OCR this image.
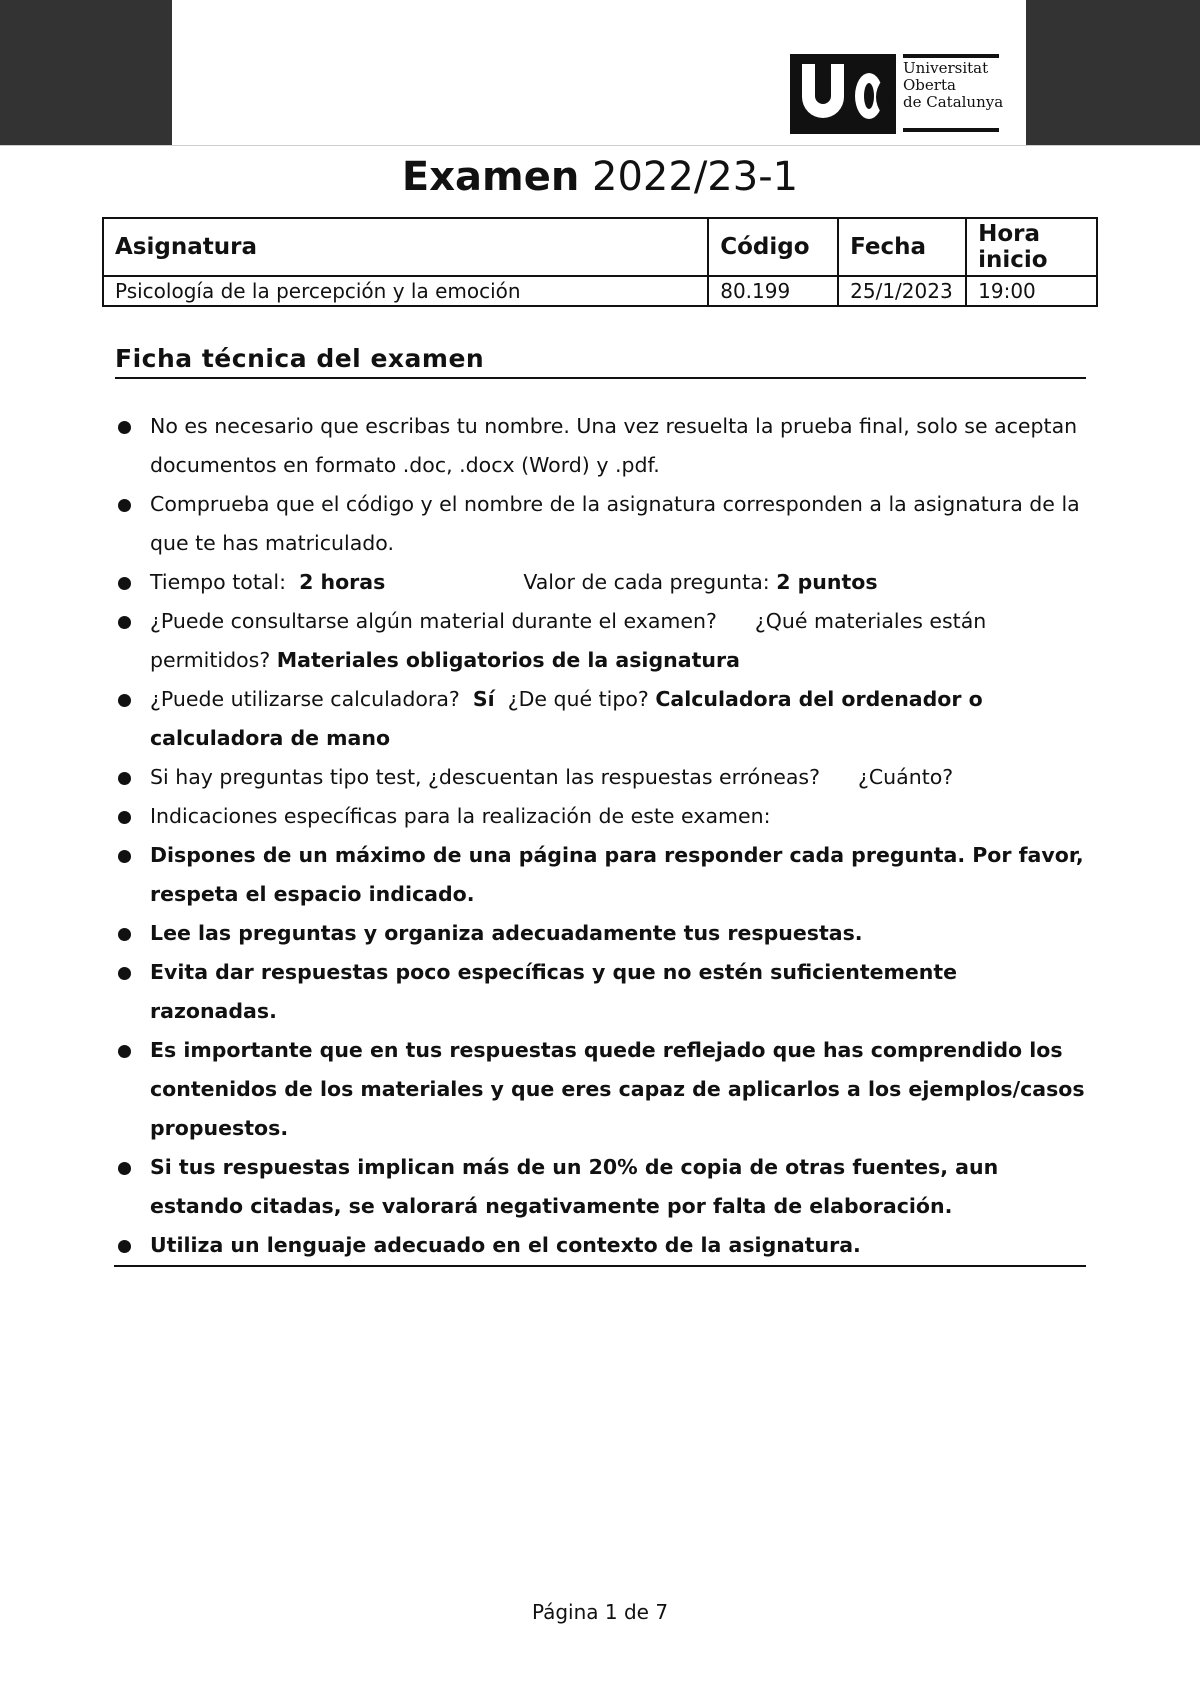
Universitat
Oberta
de Catalunya
Examen 2022/23-1
Asignatura	Código	Fecha	Hora inicio
Psicología de la percepción y la emoción	80.199	25/1/2023	19:00
Ficha técnica del examen
No es necesario que escribas tu nombre. Una vez resuelta la prueba final, solo se aceptan documentos en formato .doc, .docx (Word) y .pdf.
Comprueba que el código y el nombre de la asignatura corresponden a la asignatura de la que te has matriculado.
Tiempo total: 2 horas	Valor de cada pregunta: 2 puntos
¿Puede consultarse algún material durante el examen? ¿Qué materiales están permitidos? Materiales obligatorios de la asignatura
¿Puede utilizarse calculadora? Sí ¿De qué tipo? Calculadora del ordenador o calculadora de mano
Si hay preguntas tipo test, ¿descuentan las respuestas erróneas? ¿Cuánto?
Indicaciones específicas para la realización de este examen:
Dispones de un máximo de una página para responder cada pregunta. Por favor, respeta el espacio indicado.
Lee las preguntas y organiza adecuadamente tus respuestas.
Evita dar respuestas poco específicas y que no estén suficientemente razonadas.
Es importante que en tus respuestas quede reflejado que has comprendido los contenidos de los materiales y que eres capaz de aplicarlos a los ejemplos/casos propuestos.
Si tus respuestas implican más de un 20% de copia de otras fuentes, aun estando citadas, se valorará negativamente por falta de elaboración.
Utiliza un lenguaje adecuado en el contexto de la asignatura.
Página 1 de 7
